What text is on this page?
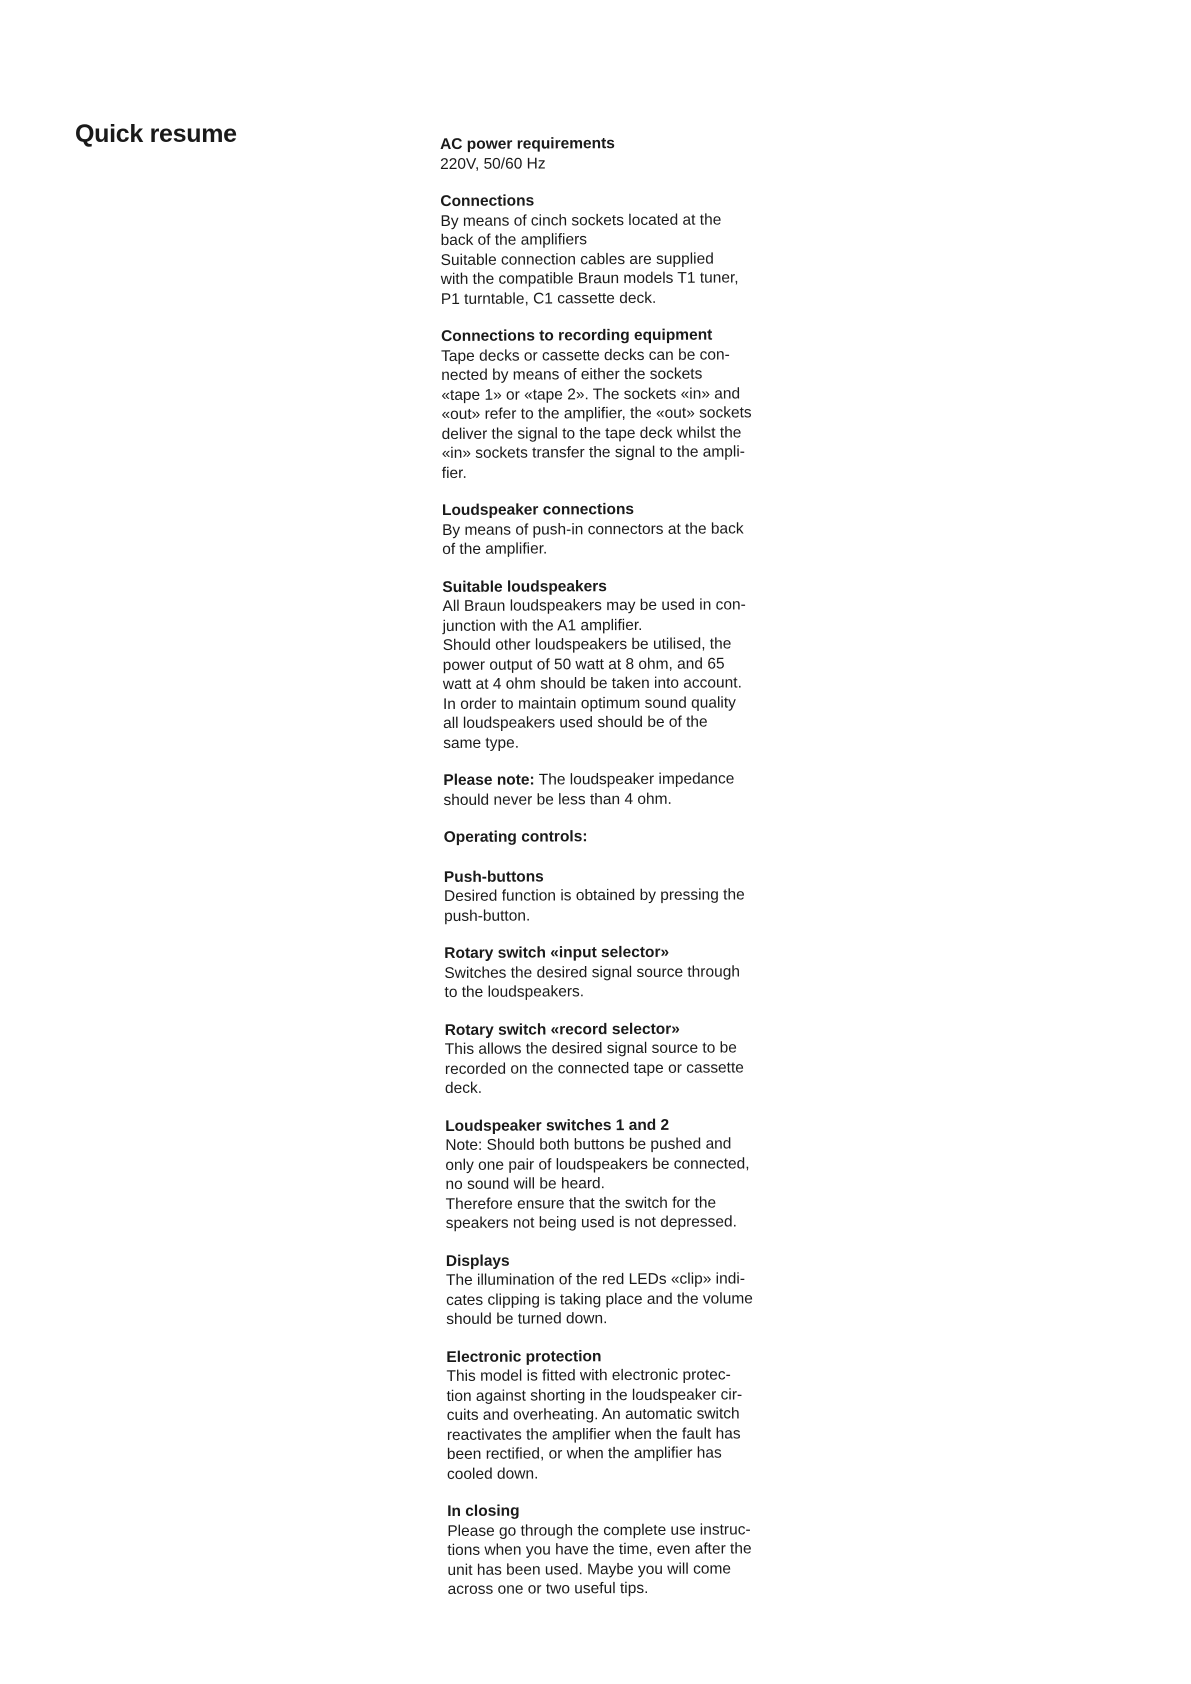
Quick resume	AC power requirements
220V, 50/60 Hz
Connections
By means of cinch sockets located at the
back of the amplifiers
Suitable connection cables are supplied
with the compatible Braun models T1 tuner,
P1 turntable, C1 cassette deck.
Connections to recording equipment
Tape decks or cassette decks can be con-
nected by means of either the sockets
«tape 1» or «tape 2». The sockets «in» and
«out» refer to the amplifier, the «out» sockets
deliver the signal to the tape deck whilst the
«in» sockets transfer the signal to the ampli-
fier.
Loudspeaker connections
By means of push-in connectors at the back
of the amplifier.
Suitable loudspeakers
All Braun loudspeakers may be used in con-
junction with the A1 amplifier.
Should other loudspeakers be utilised, the
power output of 50 watt at 8 ohm, and 65
watt at 4 ohm should be taken into account.
In order to maintain optimum sound quality
all loudspeakers used should be of the
same type.
Please note: The loudspeaker impedance
should never be less than 4 ohm.
Operating controls:
Push-buttons
Desired function is obtained by pressing the
push-button.
Rotary switch «input selector»
Switches the desired signal source through
to the loudspeakers.
Rotary switch «record selector»
This allows the desired signal source to be
recorded on the connected tape or cassette
deck.
Loudspeaker switches 1 and 2
Note: Should both buttons be pushed and
only one pair of loudspeakers be connected,
no sound will be heard.
Therefore ensure that the switch for the
speakers not being used is not depressed.
Displays
The illumination of the red LEDs «clip» indi-
cates clipping is taking place and the volume
should be turned down.
Electronic protection
This model is fitted with electronic protec-
tion against shorting in the loudspeaker cir-
cuits and overheating. An automatic switch
reactivates the amplifier when the fault has
been rectified, or when the amplifier has
cooled down.
In closing
Please go through the complete use instruc-
tions when you have the time, even after the
unit has been used. Maybe you will come
across one or two useful tips.
